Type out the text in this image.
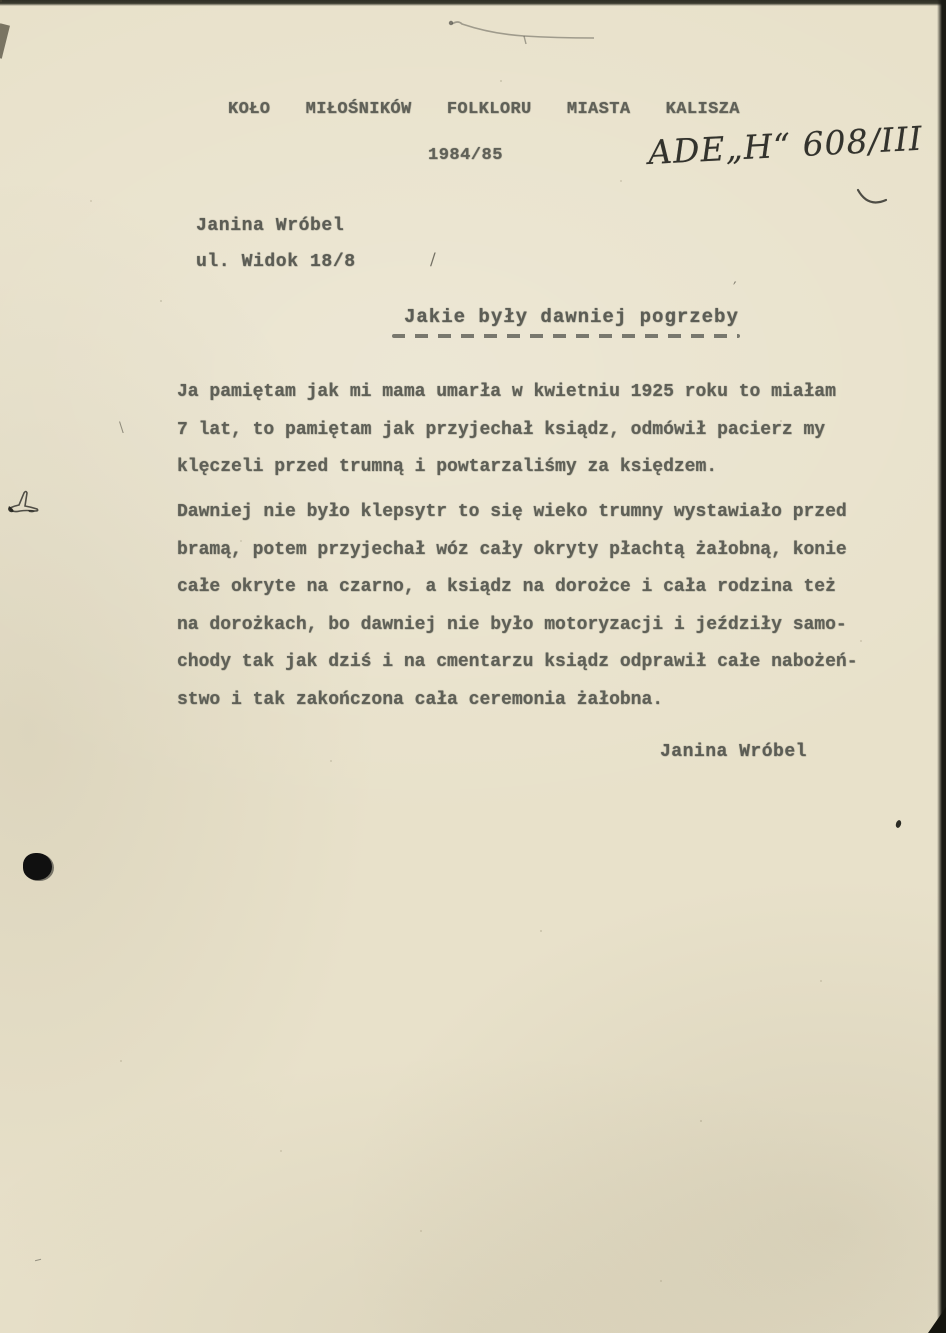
KOŁO  MIŁOŚNIKÓW  FOLKLORU  MIASTA  KALISZA
1984/85	ADE„H“ 608/III
Janina Wróbel
ul. Widok 18/8	/
′
\
–
Jakie były dawniej pogrzeby
Ja pamiętam jak mi mama umarła w kwietniu 1925 roku to miałam
7 lat, to pamiętam jak przyjechał ksiądz, odmówił pacierz my
klęczeli przed trumną i powtarzaliśmy za księdzem.
Dawniej nie było klepsytr to się wieko trumny wystawiało przed
bramą, potem przyjechał wóz cały okryty płachtą żałobną, konie
całe okryte na czarno, a ksiądz na dorożce i cała rodzina też
na dorożkach, bo dawniej nie było motoryzacji i jeździły samo-
chody tak jak dziś i na cmentarzu ksiądz odprawił całe nabożeń-
stwo i tak zakończona cała ceremonia żałobna.
Janina Wróbel
